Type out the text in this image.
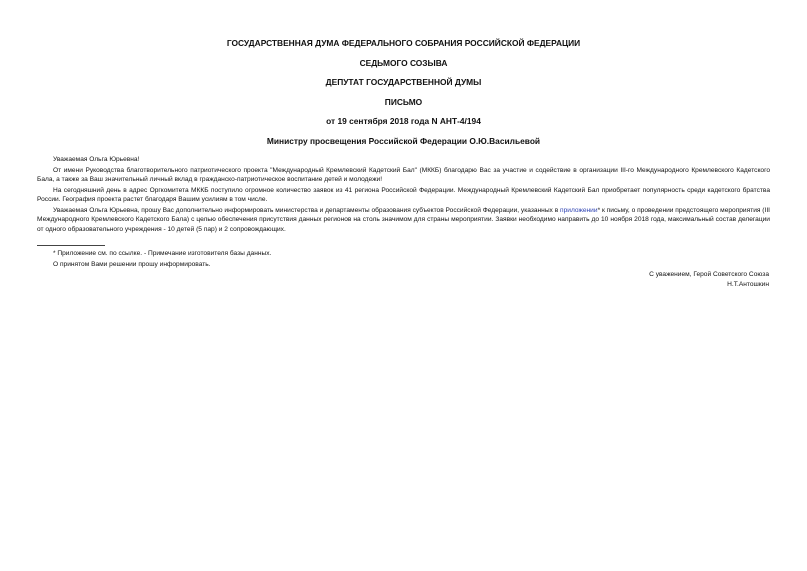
ГОСУДАРСТВЕННАЯ ДУМА ФЕДЕРАЛЬНОГО СОБРАНИЯ РОССИЙСКОЙ ФЕДЕРАЦИИ
СЕДЬМОГО СОЗЫВА
ДЕПУТАТ ГОСУДАРСТВЕННОЙ ДУМЫ
ПИСЬМО
от 19 сентября 2018 года N АНТ-4/194
Министру просвещения Российской Федерации О.Ю.Васильевой

Уважаемая Ольга Юрьевна!

От имени Руководства благотворительного патриотического проекта "Международный Кремлевский Кадетский Бал" (МККБ) благодарю Вас за участие и содействие в организации III-го Международного Кремлевского Кадетского Бала, а также за Ваш значительный личный вклад в гражданско-патриотическое воспитание детей и молодежи!

На сегодняшний день в адрес Оргкомитета МККБ поступило огромное количество заявок из 41 региона Российской Федерации. Международный Кремлевский Кадетский Бал приобретает популярность среди кадетского братства России. География проекта растет благодаря Вашим усилиям в том числе.

Уважаемая Ольга Юрьевна, прошу Вас дополнительно информировать министерства и департаменты образования субъектов Российской Федерации, указанных в приложении* к письму, о проведении предстоящего мероприятия (III Международного Кремлевского Кадетского Бала) с целью обеспечения присутствия данных регионов на столь значимом для страны мероприятии. Заявки необходимо направить до 10 ноября 2018 года, максимальный состав делегации от одного образовательного учреждения - 10 детей (5 пар) и 2 сопровождающих.

* Приложение см. по ссылке. - Примечание изготовителя базы данных.
О принятом Вами решении прошу информировать.
С уважением, Герой Советского Союза
Н.Т.Антошкин
